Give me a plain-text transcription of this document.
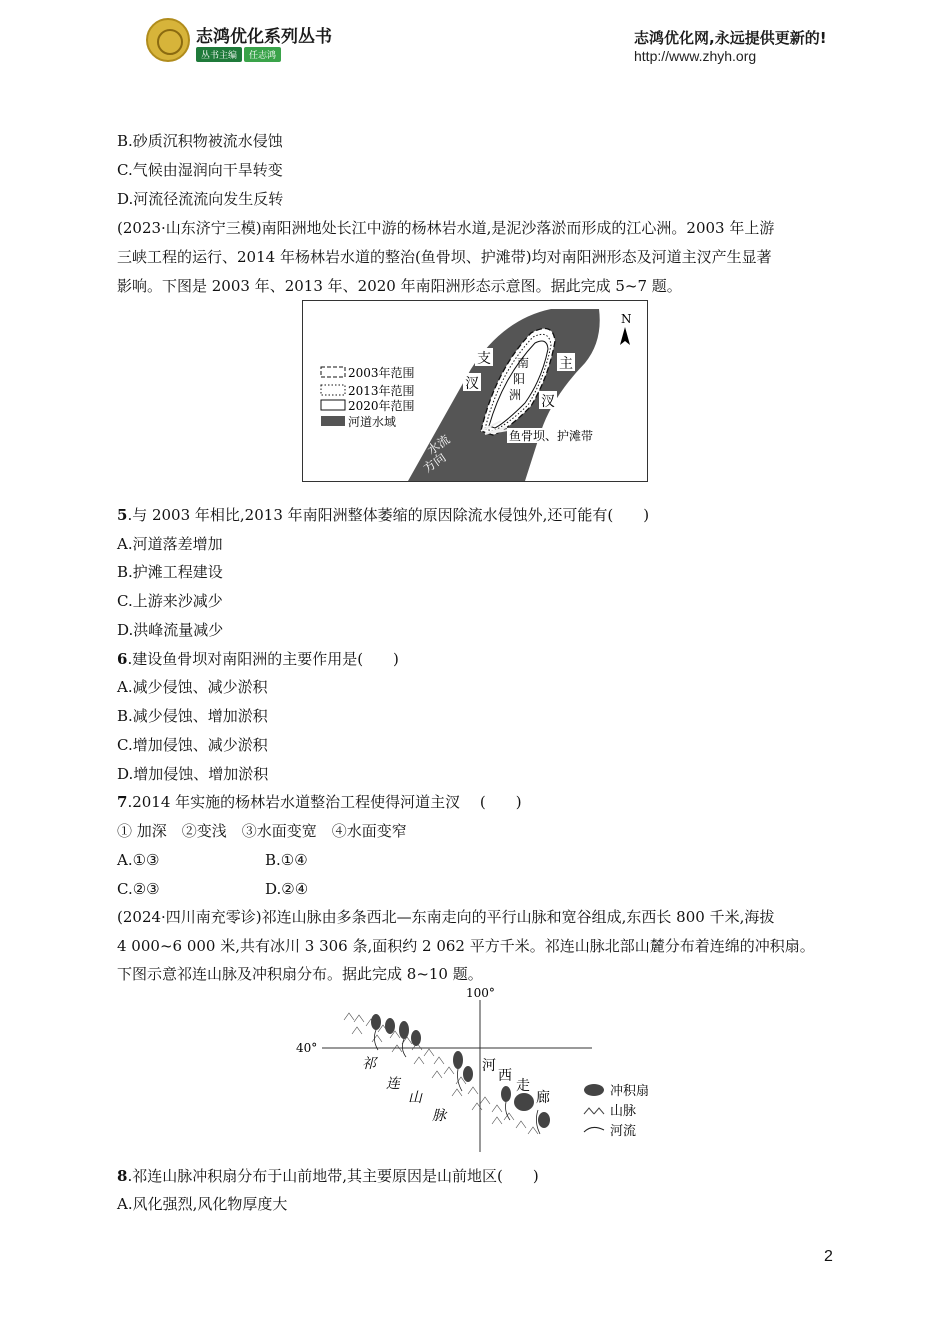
志鸿优化系列丛书
丛书主编 任志鸿
志鸿优化网,永远提供更新的!
http://www.zhyh.org
B.砂质沉积物被流水侵蚀
C.气候由湿润向干旱转变
D.河流径流流向发生反转
(2023·山东济宁三模)南阳洲地处长江中游的杨林岩水道,是泥沙落淤而形成的江心洲。2003 年上游
三峡工程的运行、2014 年杨林岩水道的整治(鱼骨坝、护滩带)均对南阳洲形态及河道主汊产生显著
影响。下图是 2003 年、2013 年、2020 年南阳洲形态示意图。据此完成 5~7 题。
支
汊
主
汊
南
阳
洲
N
2003年范围
2013年范围
2020年范围
河道水域
鱼骨坝、护滩带
水流
方向
5.与 2003 年相比,2013 年南阳洲整体萎缩的原因除流水侵蚀外,还可能有(　　)
A.河道落差增加
B.护滩工程建设
C.上游来沙减少
D.洪峰流量减少
6.建设鱼骨坝对南阳洲的主要作用是(　　)
A.减少侵蚀、减少淤积
B.减少侵蚀、增加淤积
C.增加侵蚀、减少淤积
D.增加侵蚀、增加淤积
7.2014 年实施的杨林岩水道整治工程使得河道主汊　 (　　)
① 加深　②变浅　③水面变宽　④水面变窄
A.①③	B.①④
C.②③	D.②④
(2024·四川南充零诊)祁连山脉由多条西北—东南走向的平行山脉和宽谷组成,东西长 800 千米,海拔
4 000~6 000 米,共有冰川 3 306 条,面积约 2 062 平方千米。祁连山脉北部山麓分布着连绵的冲积扇。
下图示意祁连山脉及冲积扇分布。据此完成 8~10 题。
100°
40°
祁
连
山
脉
河
西
走
廊	冲积扇
山脉
河流
8.祁连山脉冲积扇分布于山前地带,其主要原因是山前地区(　　)
A.风化强烈,风化物厚度大
2
